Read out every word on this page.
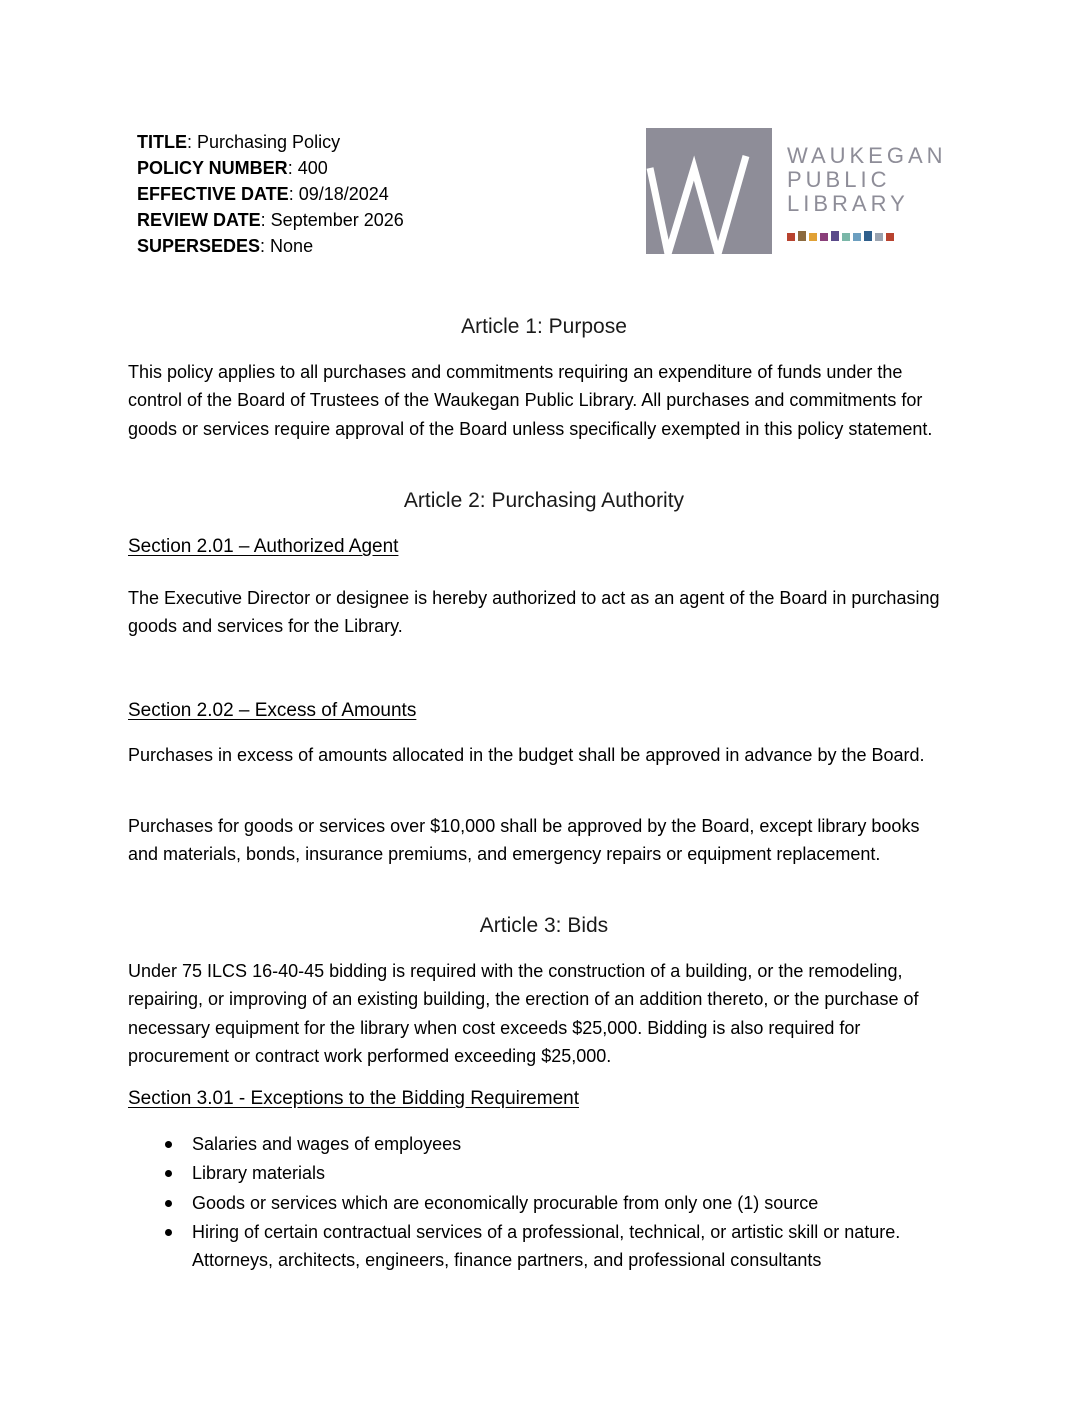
TITLE: Purchasing Policy
POLICY NUMBER: 400
EFFECTIVE DATE: 09/18/2024
REVIEW DATE: September 2026
SUPERSEDES: None
WAUKEGAN
PUBLIC
LIBRARY
Article 1: Purpose
This policy applies to all purchases and commitments requiring an expenditure of funds under the control of the Board of Trustees of the Waukegan Public Library. All purchases and commitments for goods or services require approval of the Board unless specifically exempted in this policy statement.
Article 2: Purchasing Authority
Section 2.01 – Authorized Agent
The Executive Director or designee is hereby authorized to act as an agent of the Board in purchasing goods and services for the Library.
Section 2.02 – Excess of Amounts
Purchases in excess of amounts allocated in the budget shall be approved in advance by the Board.
Purchases for goods or services over $10,000 shall be approved by the Board, except library books and materials, bonds, insurance premiums, and emergency repairs or equipment replacement.
Article 3: Bids
Under 75 ILCS 16-40-45 bidding is required with the construction of a building, or the remodeling, repairing, or improving of an existing building, the erection of an addition thereto, or the purchase of necessary equipment for the library when cost exceeds $25,000. Bidding is also required for procurement or contract work performed exceeding $25,000.
Section 3.01 - Exceptions to the Bidding Requirement
Salaries and wages of employees
Library materials
Goods or services which are economically procurable from only one (1) source
Hiring of certain contractual services of a professional, technical, or artistic skill or nature. Attorneys, architects, engineers, finance partners, and professional consultants
